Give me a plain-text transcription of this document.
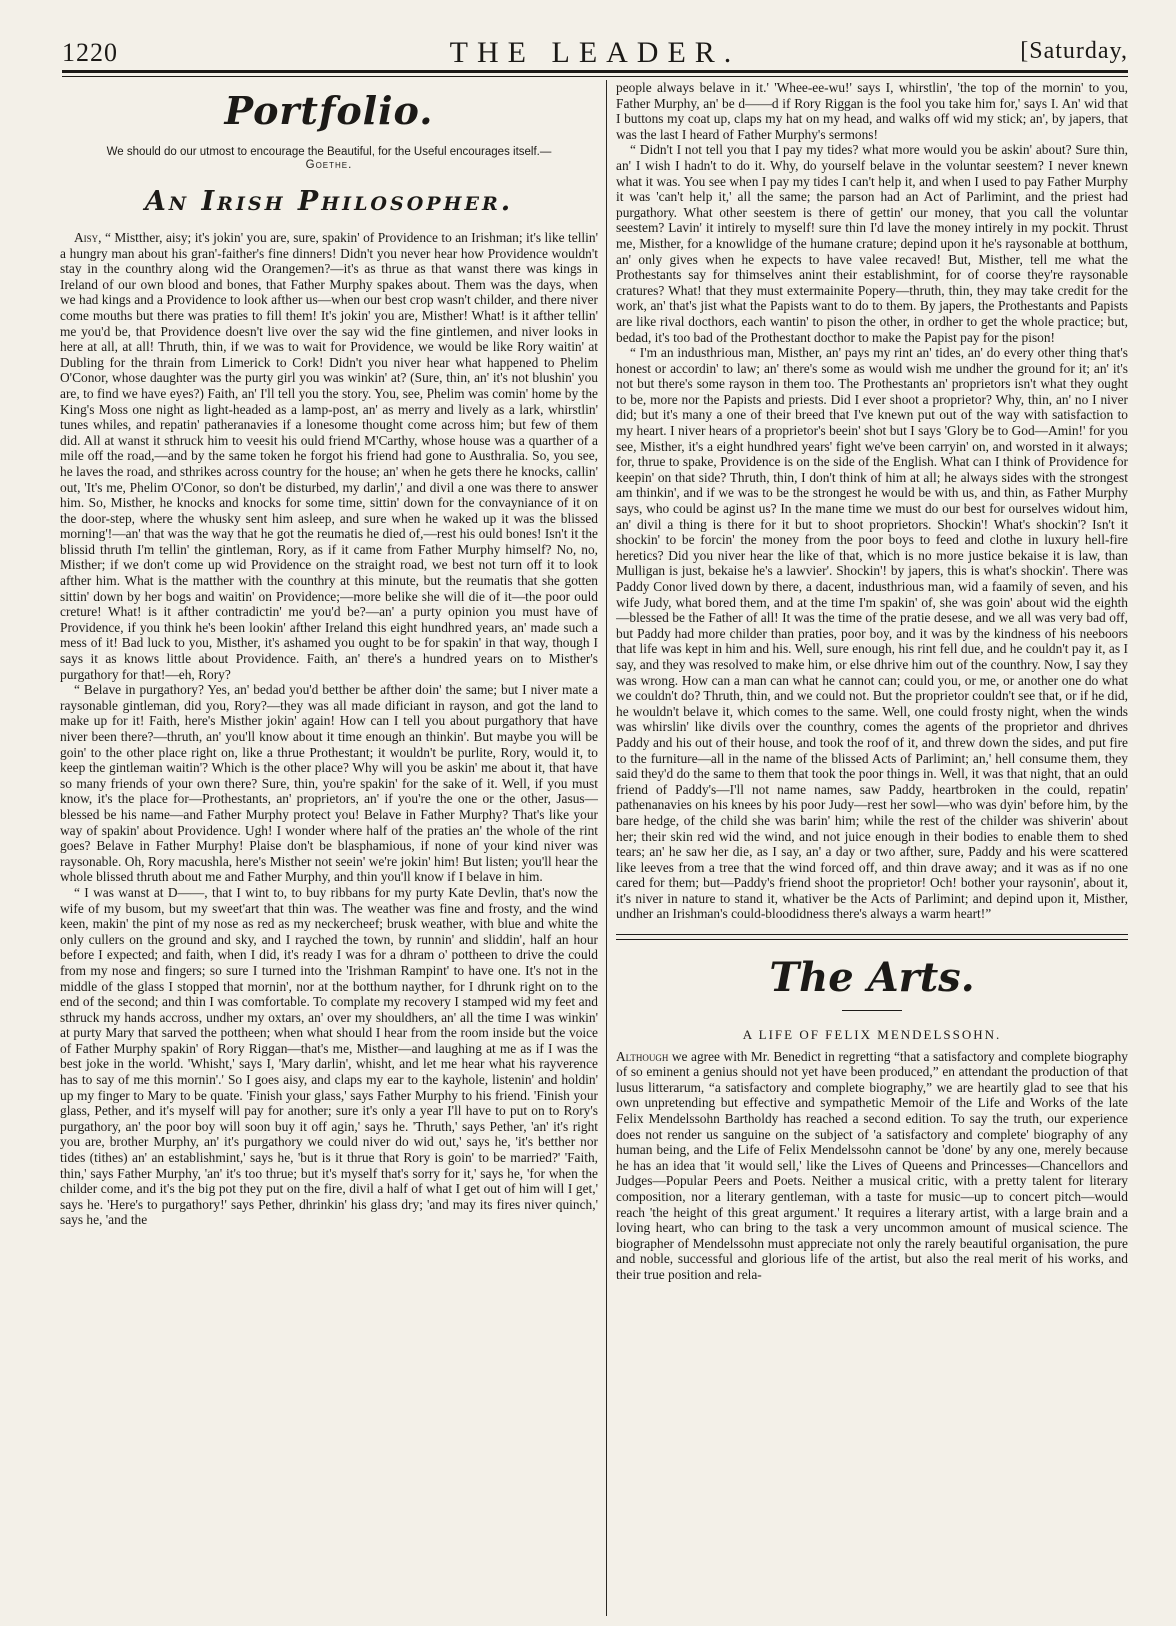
1220	THE LEADER.	[Saturday,
Portfolio.
We should do our utmost to encourage the Beautiful, for the Useful encourages itself.—Goethe.
An Irish Philosopher.

Aisy, “ Mistther, aisy; it's jokin' you are, sure, spakin' of Providence to an Irishman; it's like tellin' a hungry man about his gran'-faither's fine dinners! Didn't you never hear how Providence wouldn't stay in the counthry along wid the Orangemen?—it's as thrue as that wanst there was kings in Ireland of our own blood and bones, that Father Murphy spakes about. Them was the days, when we had kings and a Providence to look afther us—when our best crop wasn't childer, and there niver come mouths but there was praties to fill them! It's jokin' you are, Misther! What! is it afther tellin' me you'd be, that Providence doesn't live over the say wid the fine gintlemen, and niver looks in here at all, at all! Thruth, thin, if we was to wait for Providence, we would be like Rory waitin' at Dubling for the thrain from Limerick to Cork! Didn't you niver hear what happened to Phelim O'Conor, whose daughter was the purty girl you was winkin' at? (Sure, thin, an' it's not blushin' you are, to find we have eyes?) Faith, an' I'll tell you the story. You, see, Phelim was comin' home by the King's Moss one night as light-headed as a lamp-post, an' as merry and lively as a lark, whirstlin' tunes whiles, and repatin' patheranavies if a lonesome thought come across him; but few of them did. All at wanst it sthruck him to veesit his ould friend M'Carthy, whose house was a quarther of a mile off the road,—and by the same token he forgot his friend had gone to Austhralia. So, you see, he laves the road, and sthrikes across country for the house; an' when he gets there he knocks, callin' out, 'It's me, Phelim O'Conor, so don't be disturbed, my darlin',' and divil a one was there to answer him. So, Misther, he knocks and knocks for some time, sittin' down for the convayniance of it on the door-step, where the whusky sent him asleep, and sure when he waked up it was the blissed morning'!—an' that was the way that he got the reumatis he died of,—rest his ould bones! Isn't it the blissid thruth I'm tellin' the gintleman, Rory, as if it came from Father Murphy himself? No, no, Misther; if we don't come up wid Providence on the straight road, we best not turn off it to look afther him. What is the matther with the counthry at this minute, but the reumatis that she gotten sittin' down by her bogs and waitin' on Providence;—more belike she will die of it—the poor ould creture! What! is it afther contradictin' me you'd be?—an' a purty opinion you must have of Providence, if you think he's been lookin' afther Ireland this eight hundhred years, an' made such a mess of it! Bad luck to you, Misther, it's ashamed you ought to be for spakin' in that way, though I says it as knows little about Providence. Faith, an' there's a hundred years on to Misther's purgathory for that!—eh, Rory?

“ Belave in purgathory? Yes, an' bedad you'd betther be afther doin' the same; but I niver mate a raysonable gintleman, did you, Rory?—they was all made dificiant in rayson, and got the land to make up for it! Faith, here's Misther jokin' again! How can I tell you about purgathory that have niver been there?—thruth, an' you'll know about it time enough an thinkin'. But maybe you will be goin' to the other place right on, like a thrue Prothestant; it wouldn't be purlite, Rory, would it, to keep the gintleman waitin'? Which is the other place? Why will you be askin' me about it, that have so many friends of your own there? Sure, thin, you're spakin' for the sake of it. Well, if you must know, it's the place for—Prothestants, an' proprietors, an' if you're the one or the other, Jasus—blessed be his name—and Father Murphy protect you! Belave in Father Murphy? That's like your way of spakin' about Providence. Ugh! I wonder where half of the praties an' the whole of the rint goes? Belave in Father Murphy! Plaise don't be blasphamious, if none of your kind niver was raysonable. Oh, Rory macushla, here's Misther not seein' we're jokin' him! But listen; you'll hear the whole blissed thruth about me and Father Murphy, and thin you'll know if I belave in him.

“ I was wanst at D——, that I wint to, to buy ribbans for my purty Kate Devlin, that's now the wife of my busom, but my sweet'art that thin was. The weather was fine and frosty, and the wind keen, makin' the pint of my nose as red as my neckercheef; brusk weather, with blue and white the only cullers on the ground and sky, and I rayched the town, by runnin' and sliddin', half an hour before I expected; and faith, when I did, it's ready I was for a dhram o' pottheen to drive the could from my nose and fingers; so sure I turned into the 'Irishman Rampint' to have one. It's not in the middle of the glass I stopped that mornin', nor at the botthum nayther, for I dhrunk right on to the end of the second; and thin I was comfortable. To complate my recovery I stamped wid my feet and sthruck my hands accross, undher my oxtars, an' over my shouldhers, an' all the time I was winkin' at purty Mary that sarved the pottheen; when what should I hear from the room inside but the voice of Father Murphy spakin' of Rory Riggan—that's me, Misther—and laughing at me as if I was the best joke in the world. 'Whisht,' says I, 'Mary darlin', whisht, and let me hear what his rayverence has to say of me this mornin'.' So I goes aisy, and claps my ear to the kayhole, listenin' and holdin' up my finger to Mary to be quate. 'Finish your glass,' says Father Murphy to his friend. 'Finish your glass, Pether, and it's myself will pay for another; sure it's only a year I'll have to put on to Rory's purgathory, an' the poor boy will soon buy it off agin,' says he. 'Thruth,' says Pether, 'an' it's right you are, brother Murphy, an' it's purgathory we could niver do wid out,' says he, 'it's betther nor tides (tithes) an' an establishmint,' says he, 'but is it thrue that Rory is goin' to be married?' 'Faith, thin,' says Father Murphy, 'an' it's too thrue; but it's myself that's sorry for it,' says he, 'for when the childer come, and it's the big pot they put on the fire, divil a half of what I get out of him will I get,' says he. 'Here's to purgathory!' says Pether, dhrinkin' his glass dry; 'and may its fires niver quinch,' says he, 'and the

people always belave in it.' 'Whee-ee-wu!' says I, whirstlin', 'the top of the mornin' to you, Father Murphy, an' be d——d if Rory Riggan is the fool you take him for,' says I. An' wid that I buttons my coat up, claps my hat on my head, and walks off wid my stick; an', by japers, that was the last I heard of Father Murphy's sermons!

“ Didn't I not tell you that I pay my tides? what more would you be askin' about? Sure thin, an' I wish I hadn't to do it. Why, do yourself belave in the voluntar seestem? I never knewn what it was. You see when I pay my tides I can't help it, and when I used to pay Father Murphy it was 'can't help it,' all the same; the parson had an Act of Parlimint, and the priest had purgathory. What other seestem is there of gettin' our money, that you call the voluntar seestem? Lavin' it intirely to myself! sure thin I'd lave the money intirely in my pockit. Thrust me, Misther, for a knowlidge of the humane crature; depind upon it he's raysonable at botthum, an' only gives when he expects to have valee recaved! But, Misther, tell me what the Prothestants say for thimselves anint their establishmint, for of coorse they're raysonable cratures? What! that they must extermainite Popery—thruth, thin, they may take credit for the work, an' that's jist what the Papists want to do to them. By japers, the Prothestants and Papists are like rival docthors, each wantin' to pison the other, in ordher to get the whole practice; but, bedad, it's too bad of the Prothestant docthor to make the Papist pay for the pison!

“ I'm an industhrious man, Misther, an' pays my rint an' tides, an' do every other thing that's honest or accordin' to law; an' there's some as would wish me undher the ground for it; an' it's not but there's some rayson in them too. The Prothestants an' proprietors isn't what they ought to be, more nor the Papists and priests. Did I ever shoot a proprietor? Why, thin, an' no I niver did; but it's many a one of their breed that I've knewn put out of the way with satisfaction to my heart. I niver hears of a proprietor's beein' shot but I says 'Glory be to God—Amin!' for you see, Misther, it's a eight hundhred years' fight we've been carryin' on, and worsted in it always; for, thrue to spake, Providence is on the side of the English. What can I think of Providence for keepin' on that side? Thruth, thin, I don't think of him at all; he always sides with the strongest am thinkin', and if we was to be the strongest he would be with us, and thin, as Father Murphy says, who could be aginst us? In the mane time we must do our best for ourselves widout him, an' divil a thing is there for it but to shoot proprietors. Shockin'! What's shockin'? Isn't it shockin' to be forcin' the money from the poor boys to feed and clothe in luxury hell-fire heretics? Did you niver hear the like of that, which is no more justice bekaise it is law, than Mulligan is just, bekaise he's a lawvier'. Shockin'! by japers, this is what's shockin'. There was Paddy Conor lived down by there, a dacent, industhrious man, wid a faamily of seven, and his wife Judy, what bored them, and at the time I'm spakin' of, she was goin' about wid the eighth—blessed be the Father of all! It was the time of the pratie desese, and we all was very bad off, but Paddy had more childer than praties, poor boy, and it was by the kindness of his neeboors that life was kept in him and his. Well, sure enough, his rint fell due, and he couldn't pay it, as I say, and they was resolved to make him, or else dhrive him out of the counthry. Now, I say they was wrong. How can a man can what he cannot can; could you, or me, or another one do what we couldn't do? Thruth, thin, and we could not. But the proprietor couldn't see that, or if he did, he wouldn't belave it, which comes to the same. Well, one could frosty night, when the winds was whirslin' like divils over the counthry, comes the agents of the proprietor and dhrives Paddy and his out of their house, and took the roof of it, and threw down the sides, and put fire to the furniture—all in the name of the blissed Acts of Parlimint; an,' hell consume them, they said they'd do the same to them that took the poor things in. Well, it was that night, that an ould friend of Paddy's—I'll not name names, saw Paddy, heartbroken in the could, repatin' pathenanavies on his knees by his poor Judy—rest her sowl—who was dyin' before him, by the bare hedge, of the child she was barin' him; while the rest of the childer was shiverin' about her; their skin red wid the wind, and not juice enough in their bodies to enable them to shed tears; an' he saw her die, as I say, an' a day or two afther, sure, Paddy and his were scattered like leeves from a tree that the wind forced off, and thin drave away; and it was as if no one cared for them; but—Paddy's friend shoot the proprietor! Och! bother your raysonin', about it, it's niver in nature to stand it, whativer be the Acts of Parlimint; and depind upon it, Misther, undher an Irishman's could-bloodidness there's always a warm heart!”

The Arts.
A LIFE OF FELIX MENDELSSOHN.

Although we agree with Mr. Benedict in regretting “that a satisfactory and complete biography of so eminent a genius should not yet have been produced,” en attendant the production of that lusus litterarum, “a satisfactory and complete biography,” we are heartily glad to see that his own unpretending but effective and sympathetic Memoir of the Life and Works of the late Felix Mendelssohn Bartholdy has reached a second edition. To say the truth, our experience does not render us sanguine on the subject of 'a satisfactory and complete' biography of any human being, and the Life of Felix Mendelssohn cannot be 'done' by any one, merely because he has an idea that 'it would sell,' like the Lives of Queens and Princesses—Chancellors and Judges—Popular Peers and Poets. Neither a musical critic, with a pretty talent for literary composition, nor a literary gentleman, with a taste for music—up to concert pitch—would reach 'the height of this great argument.' It requires a literary artist, with a large brain and a loving heart, who can bring to the task a very uncommon amount of musical science. The biographer of Mendelssohn must appreciate not only the rarely beautiful organisation, the pure and noble, successful and glorious life of the artist, but also the real merit of his works, and their true position and rela-
